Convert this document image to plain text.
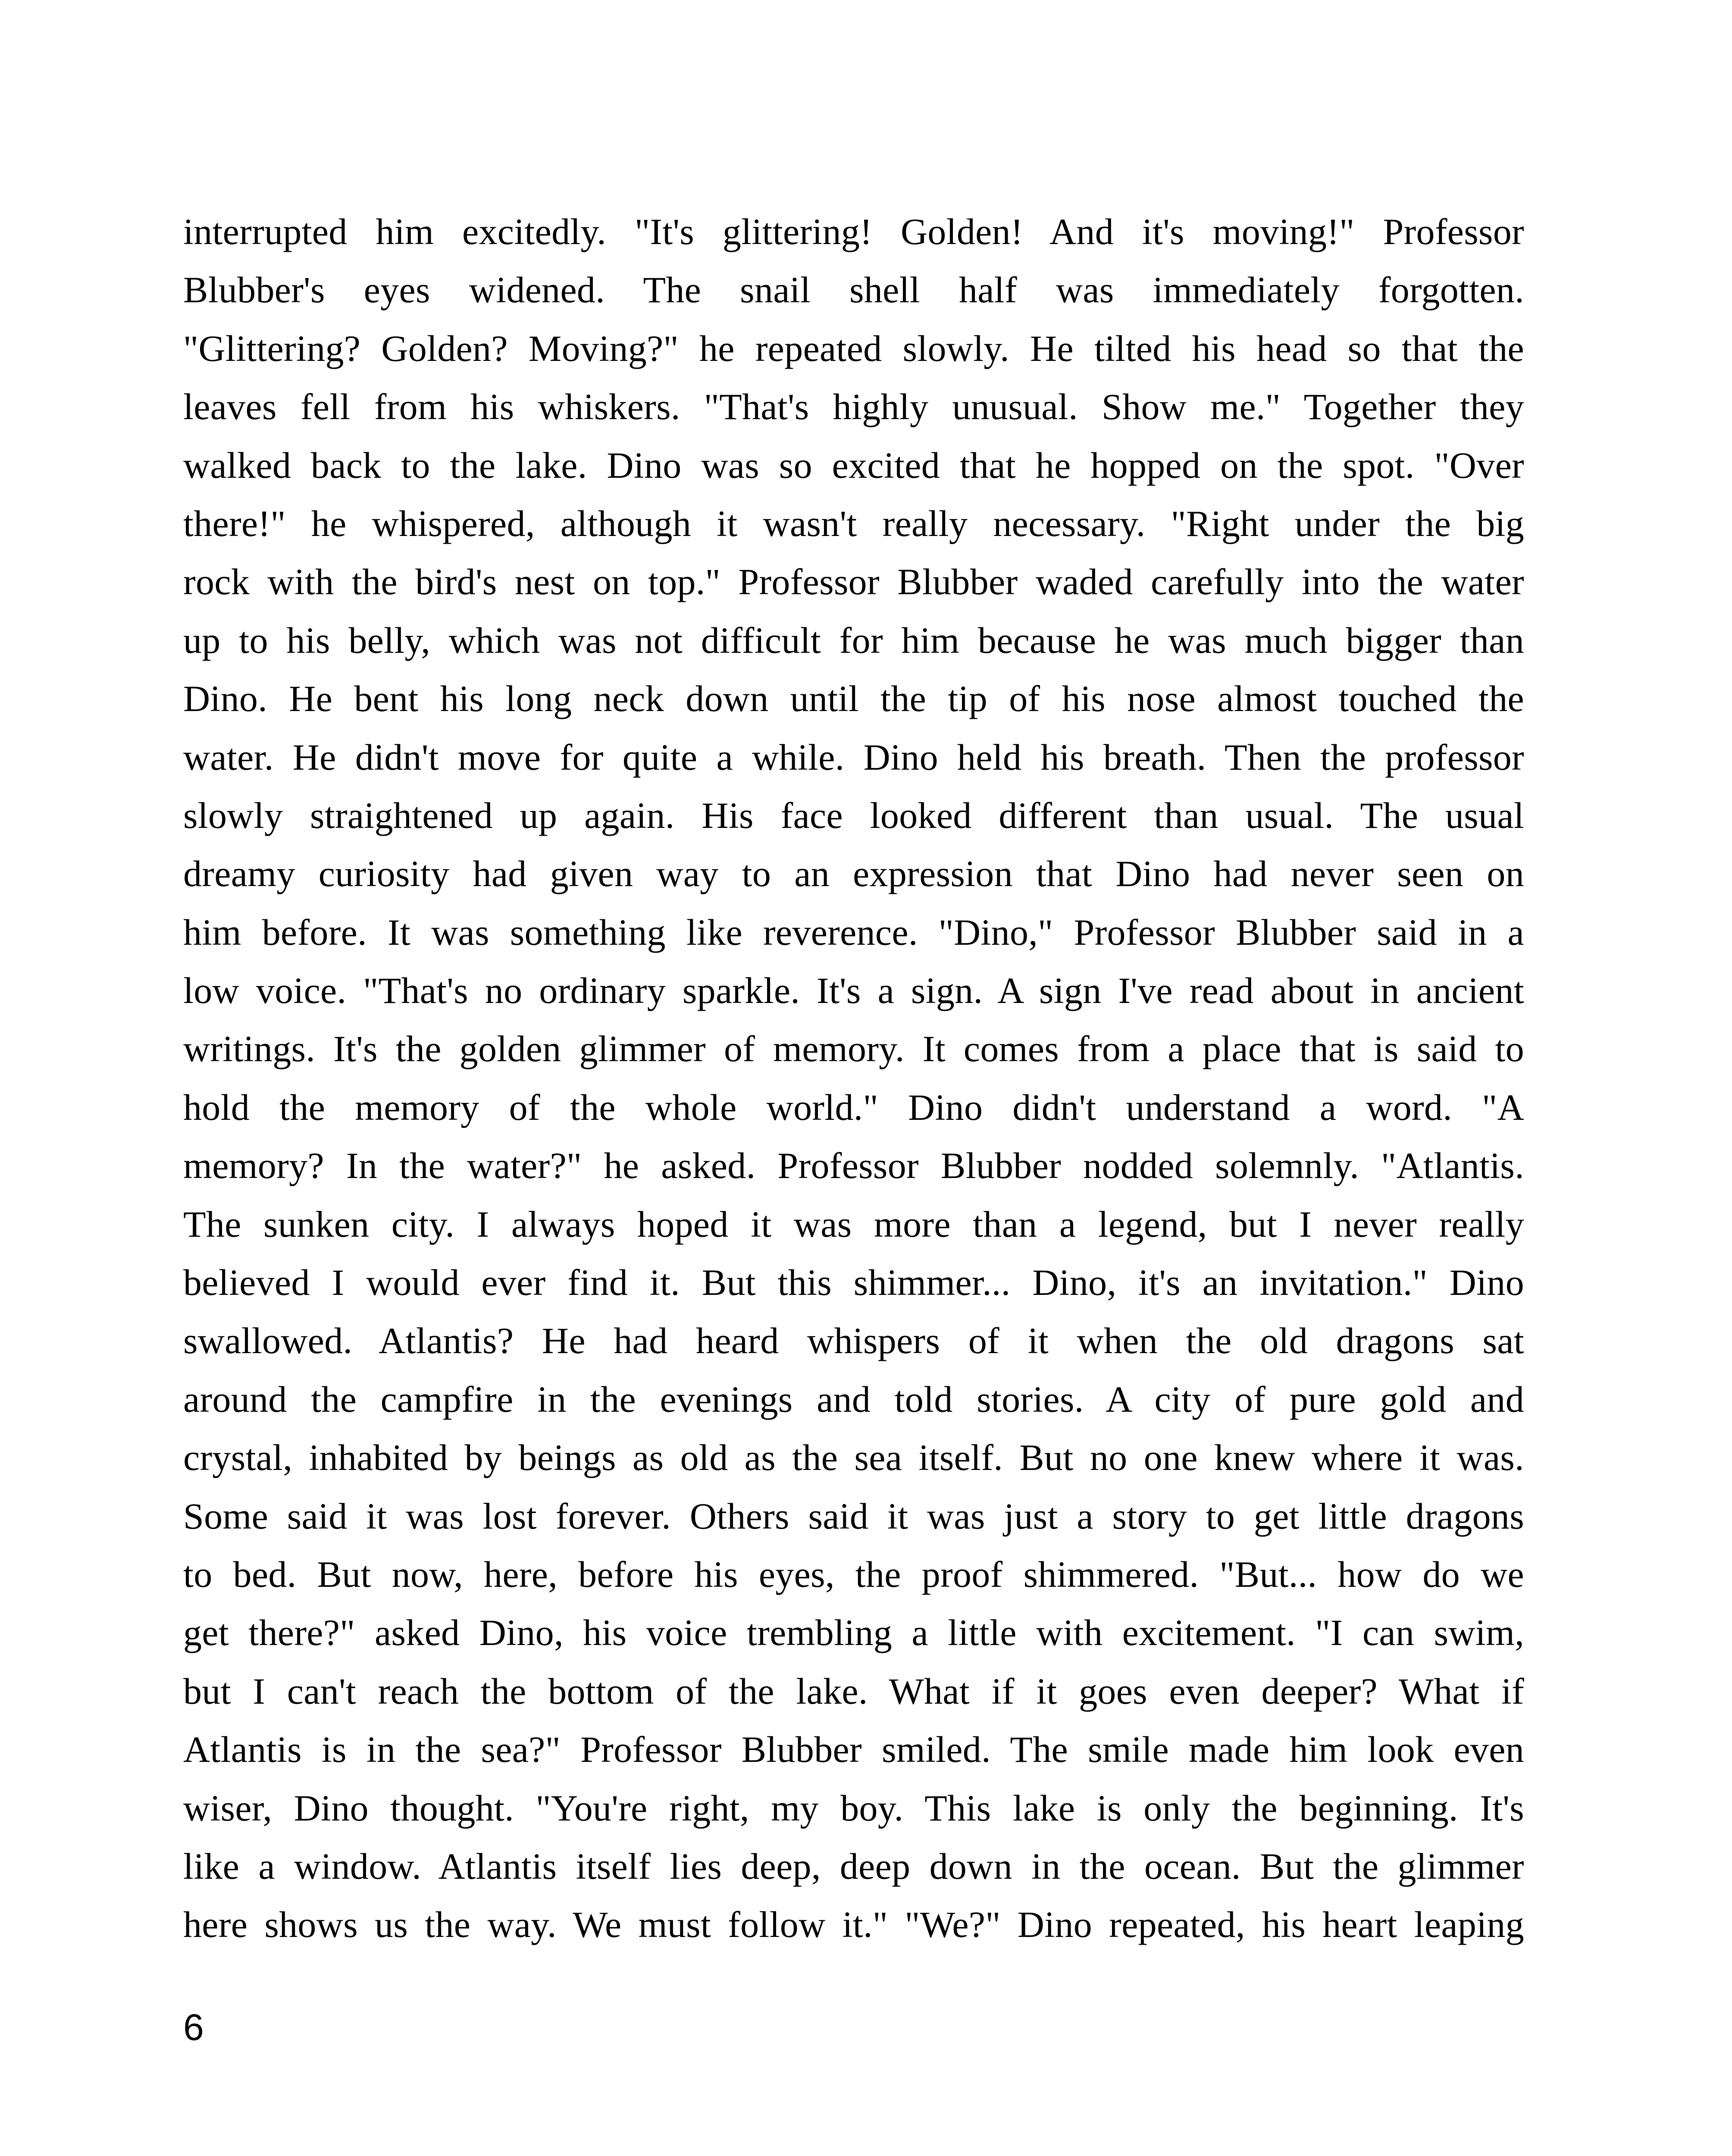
interrupted him excitedly. "It's glittering! Golden! And it's moving!" Professor
Blubber's eyes widened. The snail shell half was immediately forgotten.
"Glittering? Golden? Moving?" he repeated slowly. He tilted his head so that the
leaves fell from his whiskers. "That's highly unusual. Show me." Together they
walked back to the lake. Dino was so excited that he hopped on the spot. "Over
there!" he whispered, although it wasn't really necessary. "Right under the big
rock with the bird's nest on top." Professor Blubber waded carefully into the water
up to his belly, which was not difficult for him because he was much bigger than
Dino. He bent his long neck down until the tip of his nose almost touched the
water. He didn't move for quite a while. Dino held his breath. Then the professor
slowly straightened up again. His face looked different than usual. The usual
dreamy curiosity had given way to an expression that Dino had never seen on
him before. It was something like reverence. "Dino," Professor Blubber said in a
low voice. "That's no ordinary sparkle. It's a sign. A sign I've read about in ancient
writings. It's the golden glimmer of memory. It comes from a place that is said to
hold the memory of the whole world." Dino didn't understand a word. "A
memory? In the water?" he asked. Professor Blubber nodded solemnly. "Atlantis.
The sunken city. I always hoped it was more than a legend, but I never really
believed I would ever find it. But this shimmer... Dino, it's an invitation." Dino
swallowed. Atlantis? He had heard whispers of it when the old dragons sat
around the campfire in the evenings and told stories. A city of pure gold and
crystal, inhabited by beings as old as the sea itself. But no one knew where it was.
Some said it was lost forever. Others said it was just a story to get little dragons
to bed. But now, here, before his eyes, the proof shimmered. "But... how do we
get there?" asked Dino, his voice trembling a little with excitement. "I can swim,
but I can't reach the bottom of the lake. What if it goes even deeper? What if
Atlantis is in the sea?" Professor Blubber smiled. The smile made him look even
wiser, Dino thought. "You're right, my boy. This lake is only the beginning. It's
like a window. Atlantis itself lies deep, deep down in the ocean. But the glimmer
here shows us the way. We must follow it." "We?" Dino repeated, his heart leaping
6
